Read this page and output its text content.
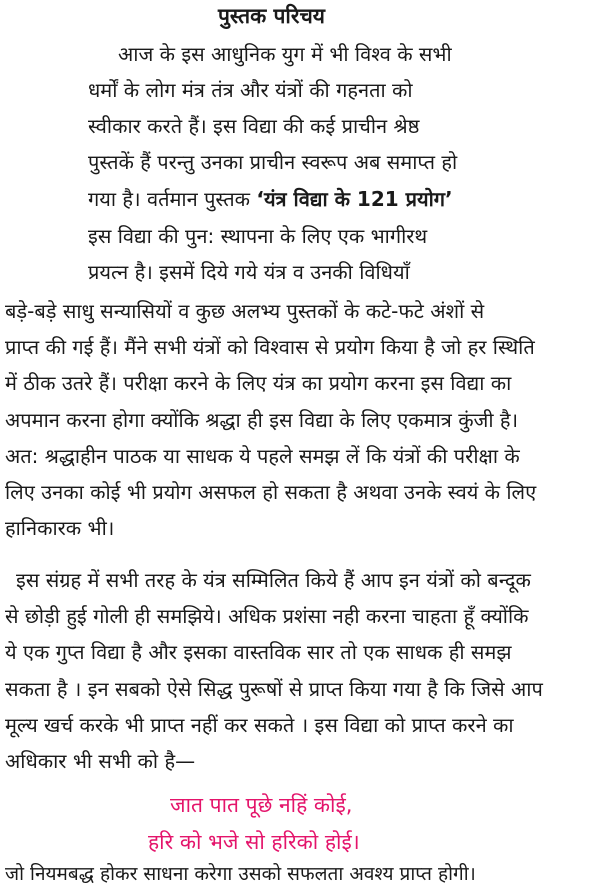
पुस्तक परिचय

आज के इस आधुनिक युग में भी विश्व के सभी

धर्मों के लोग मंत्र तंत्र और यंत्रों की गहनता को

स्वीकार करते हैं। इस विद्या की कई प्राचीन श्रेष्ठ

पुस्तकें हैं परन्तु उनका प्राचीन स्वरूप अब समाप्त हो

गया है। वर्तमान पुस्तक ‘यंत्र विद्या के 121 प्रयोग’

इस विद्या की पुन: स्थापना के लिए एक भागीरथ

प्रयत्न है। इसमें दिये गये यंत्र व उनकी विधियाँ

बड़े-बड़े साधु सन्यासियों व कुछ अलभ्य पुस्तकों के कटे-फटे अंशों से

प्राप्त की गई हैं। मैंने सभी यंत्रों को विश्वास से प्रयोग किया है जो हर स्थिति

में ठीक उतरे हैं। परीक्षा करने के लिए यंत्र का प्रयोग करना इस विद्या का

अपमान करना होगा क्योंकि श्रद्धा ही इस विद्या के लिए एकमात्र कुंजी है।

अत: श्रद्धाहीन पाठक या साधक ये पहले समझ लें कि यंत्रों की परीक्षा के

लिए उनका कोई भी प्रयोग असफल हो सकता है अथवा उनके स्वयं के लिए

हानिकारक भी।

इस संग्रह में सभी तरह के यंत्र सम्मिलित किये हैं आप इन यंत्रों को बन्दूक

से छोड़ी हुई गोली ही समझिये। अधिक प्रशंसा नही करना चाहता हूँ क्योंकि

ये एक गुप्त विद्या है और इसका वास्तविक सार तो एक साधक ही समझ

सकता है । इन सबको ऐसे सिद्ध पुरूषों से प्राप्त किया गया है कि जिसे आप

मूल्य खर्च करके भी प्राप्त नहीं कर सकते । इस विद्या को प्राप्त करने का

अधिकार भी सभी को है—

जात पात पूछे नहिं कोई,

हरि को भजे सो हरिको होई।

जो नियमबद्ध होकर साधना करेगा उसको सफलता अवश्य प्राप्त होगी।
